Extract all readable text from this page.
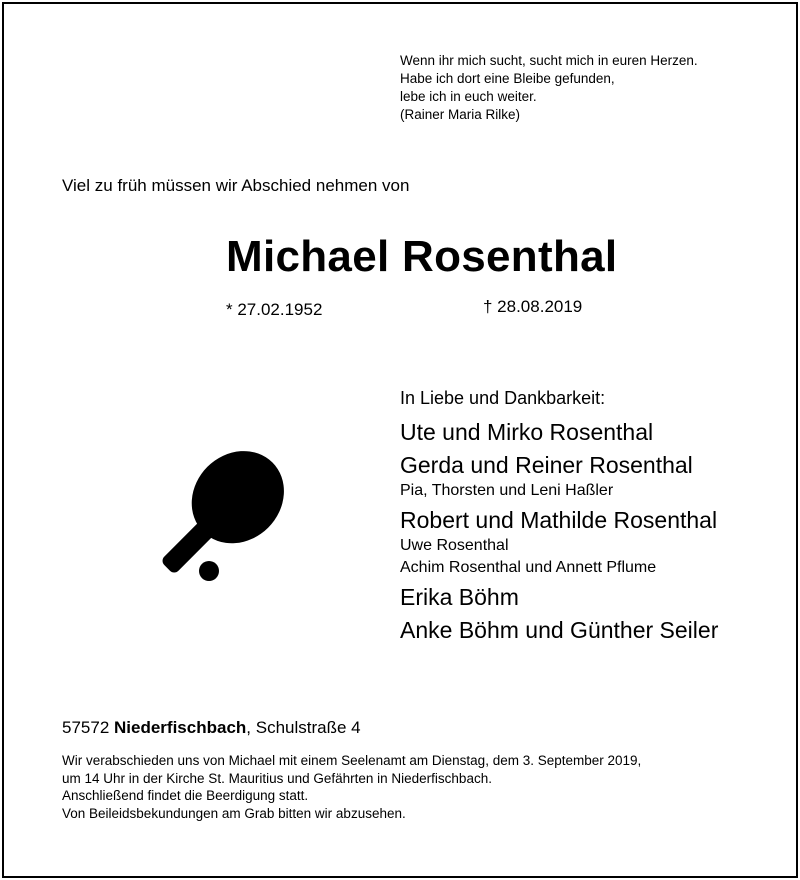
Wenn ihr mich sucht, sucht mich in euren Herzen.
Habe ich dort eine Bleibe gefunden,
lebe ich in euch weiter.
(Rainer Maria Rilke)
Viel zu früh müssen wir Abschied nehmen von
Michael Rosenthal
* 27.02.1952	† 28.08.2019
In Liebe und Dankbarkeit:
Ute und Mirko Rosenthal
Gerda und Reiner Rosenthal
Pia, Thorsten und Leni Haßler
Robert und Mathilde Rosenthal
Uwe Rosenthal
Achim Rosenthal und Annett Pflume
Erika Böhm
Anke Böhm und Günther Seiler
57572 Niederfischbach, Schulstraße 4
Wir verabschieden uns von Michael mit einem Seelenamt am Dienstag, dem 3. September 2019,
um 14 Uhr in der Kirche St. Mauritius und Gefährten in Niederfischbach.
Anschließend findet die Beerdigung statt.
Von Beileidsbekundungen am Grab bitten wir abzusehen.
